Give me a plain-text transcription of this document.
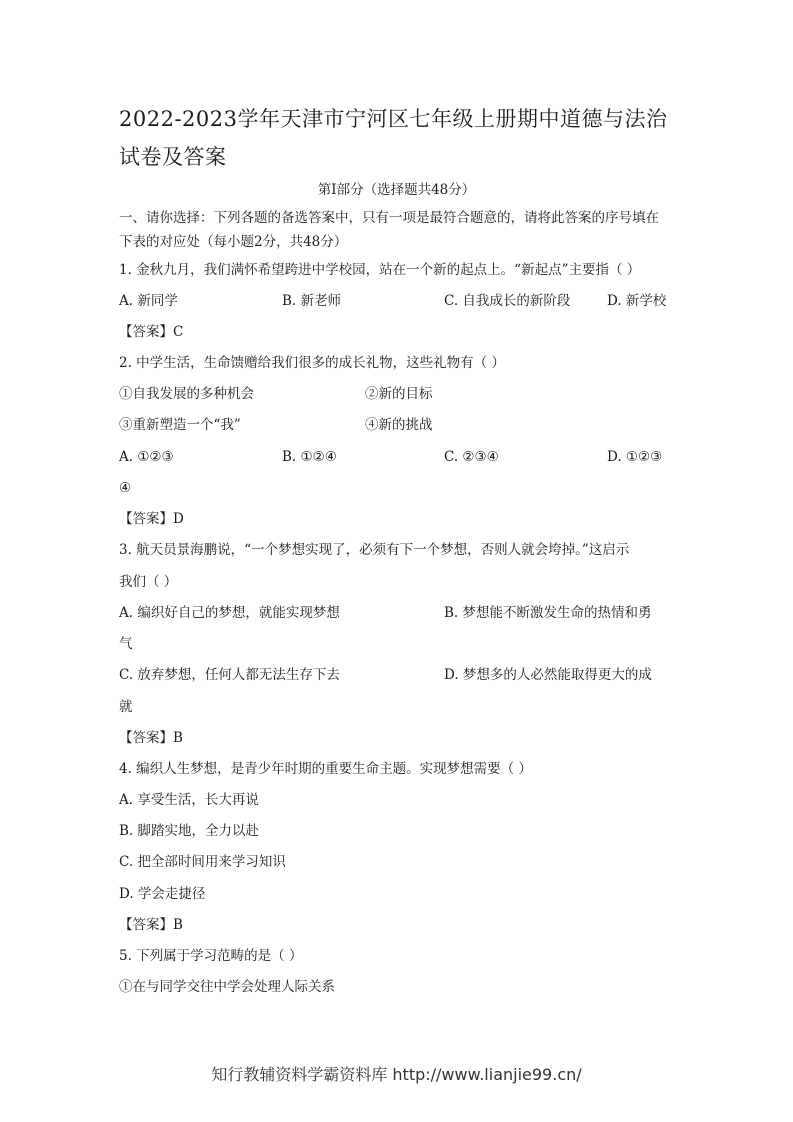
2022-2023学年天津市宁河区七年级上册期中道德与法治试卷及答案
第Ⅰ部分（选择题共48分）
一、请你选择：下列各题的备选答案中，只有一项是最符合题意的，请将此答案的序号填在
下表的对应处（每小题2分，共48分）
1. 金秋九月，我们满怀希望跨进中学校园，站在一个新的起点上。“新起点”主要指（ ）
A. 新同学	B. 新老师	C. 自我成长的新阶段	D. 新学校
【答案】C
2. 中学生活，生命馈赠给我们很多的成长礼物，这些礼物有（ ）
①自我发展的多种机会	②新的目标
③重新塑造一个“我”	④新的挑战
A. ①②③	B. ①②④	C. ②③④	D. ①②③
④
【答案】D
3. 航天员景海鹏说，“一个梦想实现了，必须有下一个梦想，否则人就会垮掉。”这启示
我们（ ）
A. 编织好自己的梦想，就能实现梦想	B. 梦想能不断激发生命的热情和勇
气
C. 放弃梦想，任何人都无法生存下去	D. 梦想多的人必然能取得更大的成
就
【答案】B
4. 编织人生梦想，是青少年时期的重要生命主题。实现梦想需要（ ）
A. 享受生活，长大再说
B. 脚踏实地，全力以赴
C. 把全部时间用来学习知识
D. 学会走捷径
【答案】B
5. 下列属于学习范畴的是（ ）
①在与同学交往中学会处理人际关系
知行教辅资料学霸资料库 http://www.lianjie99.cn/
